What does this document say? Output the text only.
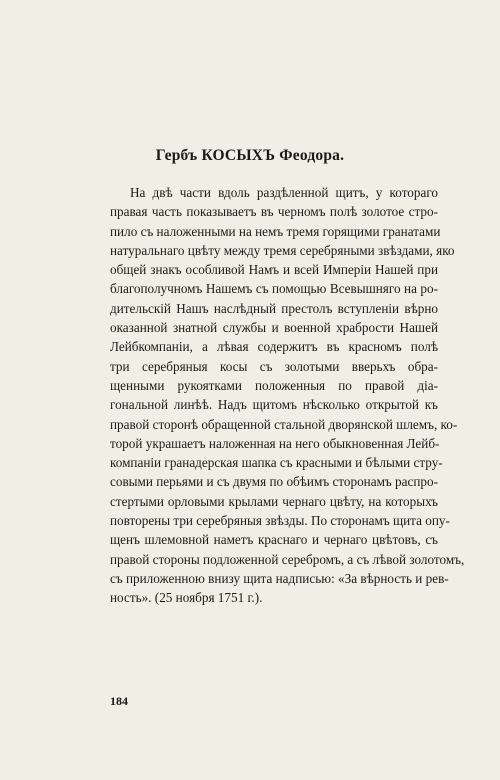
Гербъ КОСЫХЪ Феодора.
На двѣ части вдоль раздѣленной щитъ, у котораго
правая часть показываетъ въ черномъ полѣ золотое стро-
пило съ наложенными на немъ тремя горящими гранатами
натуральнаго цвѣту между тремя серебряными звѣздами, яко
общей знакъ особливой Намъ и всей Имперiи Нашей при
благополучномъ Нашемъ съ помощью Всевышняго на ро-
дительскiй Нашъ наслѣдный престолъ вступленiи вѣрно
оказанной знатной службы и военной храбрости Нашей
Лейбкомпанiи, а лѣвая содержитъ въ красномъ полѣ
три серебряныя косы съ золотыми вверьхъ обра-
щенными рукоятками положенныя по правой дiа-
гональной линѣѣ. Надъ щитомъ нѣсколько открытой къ
правой сторонѣ обращенной стальной дворянской шлемъ, ко-
торой украшаетъ наложенная на него обыкновенная Лейб-
компанiи гранадерская шапка съ красными и бѣлыми стру-
совыми перьями и съ двумя по обѣимъ сторонамъ распро-
стертыми орловыми крылами чернаго цвѣту, на которыхъ
повторены три серебряныя звѣзды. По сторонамъ щита опу-
щенъ шлемовной наметъ краснаго и чернаго цвѣтовъ, съ
правой стороны подложенной серебромъ, а съ лѣвой золотомъ,
съ приложенною внизу щита надписью: «За вѣрность и рев-
ность». (25 ноября 1751 г.).
184
